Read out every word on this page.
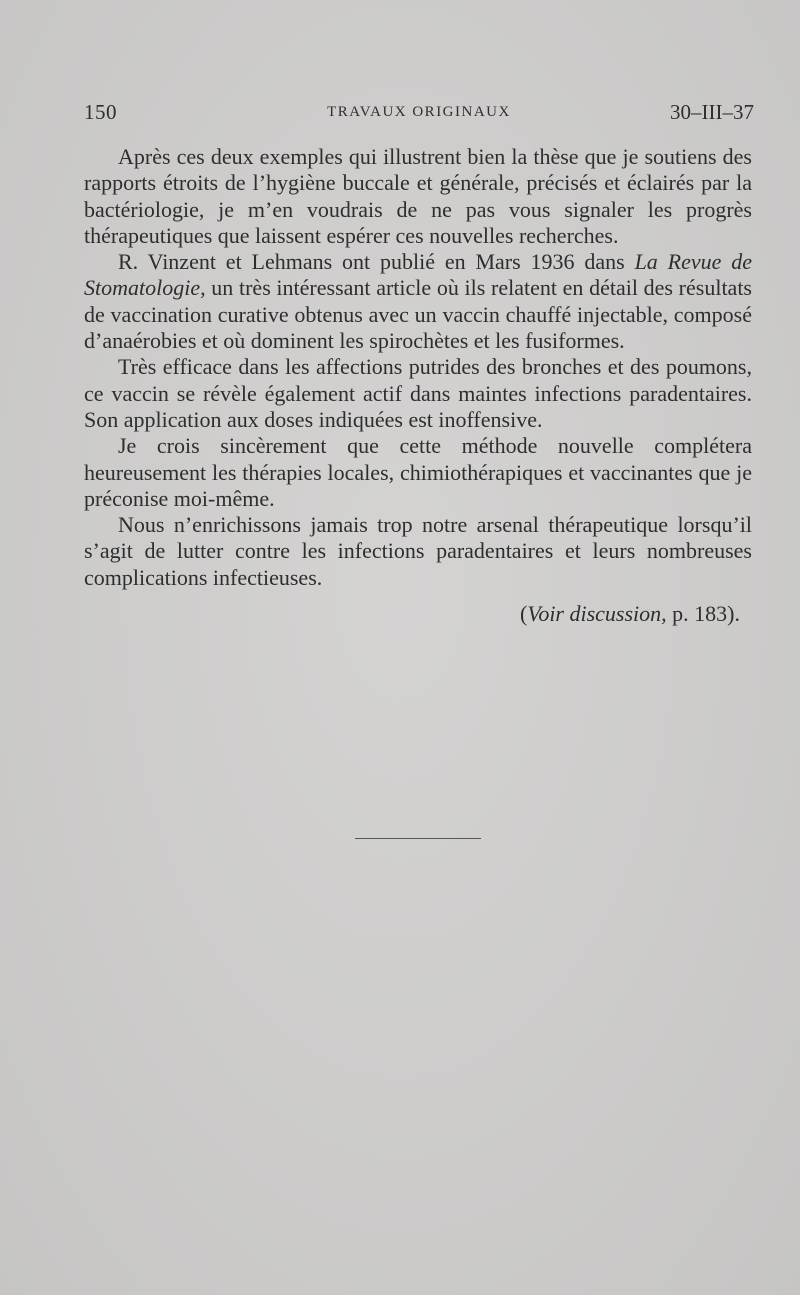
150	TRAVAUX ORIGINAUX	30–III–37

Après ces deux exemples qui illustrent bien la thèse que je soutiens des rapports étroits de l’hygiène buccale et générale, précisés et éclairés par la bactériologie, je m’en voudrais de ne pas vous signaler les progrès thérapeutiques que laissent espérer ces nouvelles recherches.

R. Vinzent et Lehmans ont publié en Mars 1936 dans La Revue de Stomatologie, un très intéressant article où ils relatent en détail des résultats de vaccination curative obtenus avec un vaccin chauffé injectable, composé d’anaérobies et où dominent les spirochètes et les fusiformes.

Très efficace dans les affections putrides des bronches et des poumons, ce vaccin se révèle également actif dans maintes infections paradentaires. Son application aux doses indiquées est inoffensive.

Je crois sincèrement que cette méthode nouvelle complétera heureusement les thérapies locales, chimiothérapiques et vaccinantes que je préconise moi-même.

Nous n’enrichissons jamais trop notre arsenal thérapeutique lorsqu’il s’agit de lutter contre les infections paradentaires et leurs nombreuses complications infectieuses.

(Voir discussion, p. 183).
